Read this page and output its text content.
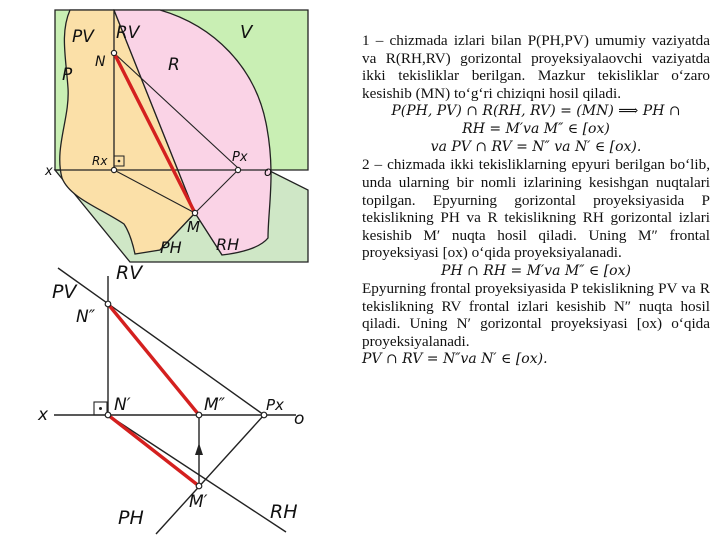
PV RV	V
N	R
P
Rx	Px
x	o
M
PH RH
PV
RV
N″
N′
x	M″	Px
o
M′
PH	RH

1 – chizmada izlari bilan P(PH,PV) umumiy vaziyatda va R(RH,RV) gorizontal proyeksiyalaovchi vaziyatda ikki tekisliklar berilgan. Mazkur tekisliklar o‘zaro kesishib (MN) to‘g‘ri chiziqni hosil qiladi.

P(PH, PV) ∩ R(RH, RV) = (MN) ⟹ PH ∩

RH = M′va M″ ∈ [ox)

va PV ∩ RV = N″ va N′ ∈ [ox).

2 – chizmada ikki tekisliklarning epyuri berilgan bo‘lib, unda ularning bir nomli izlarining kesishgan nuqtalari topilgan. Epyurning gorizontal proyeksiyasida P tekislikning PH va R tekislikning RH gorizontal izlari kesishib M′ nuqta hosil qiladi. Uning M″ frontal proyeksiyasi [ox) o‘qida proyeksiyalanadi.

PH ∩ RH = M′va M″ ∈ [ox)

Epyurning frontal proyeksiyasida P tekislikning PV va R tekislikning RV frontal izlari kesishib N″ nuqta hosil qiladi. Uning N′ gorizontal proyeksiyasi [ox) o‘qida proyeksiyalanadi.

PV ∩ RV = N″va N′ ∈ [ox).
